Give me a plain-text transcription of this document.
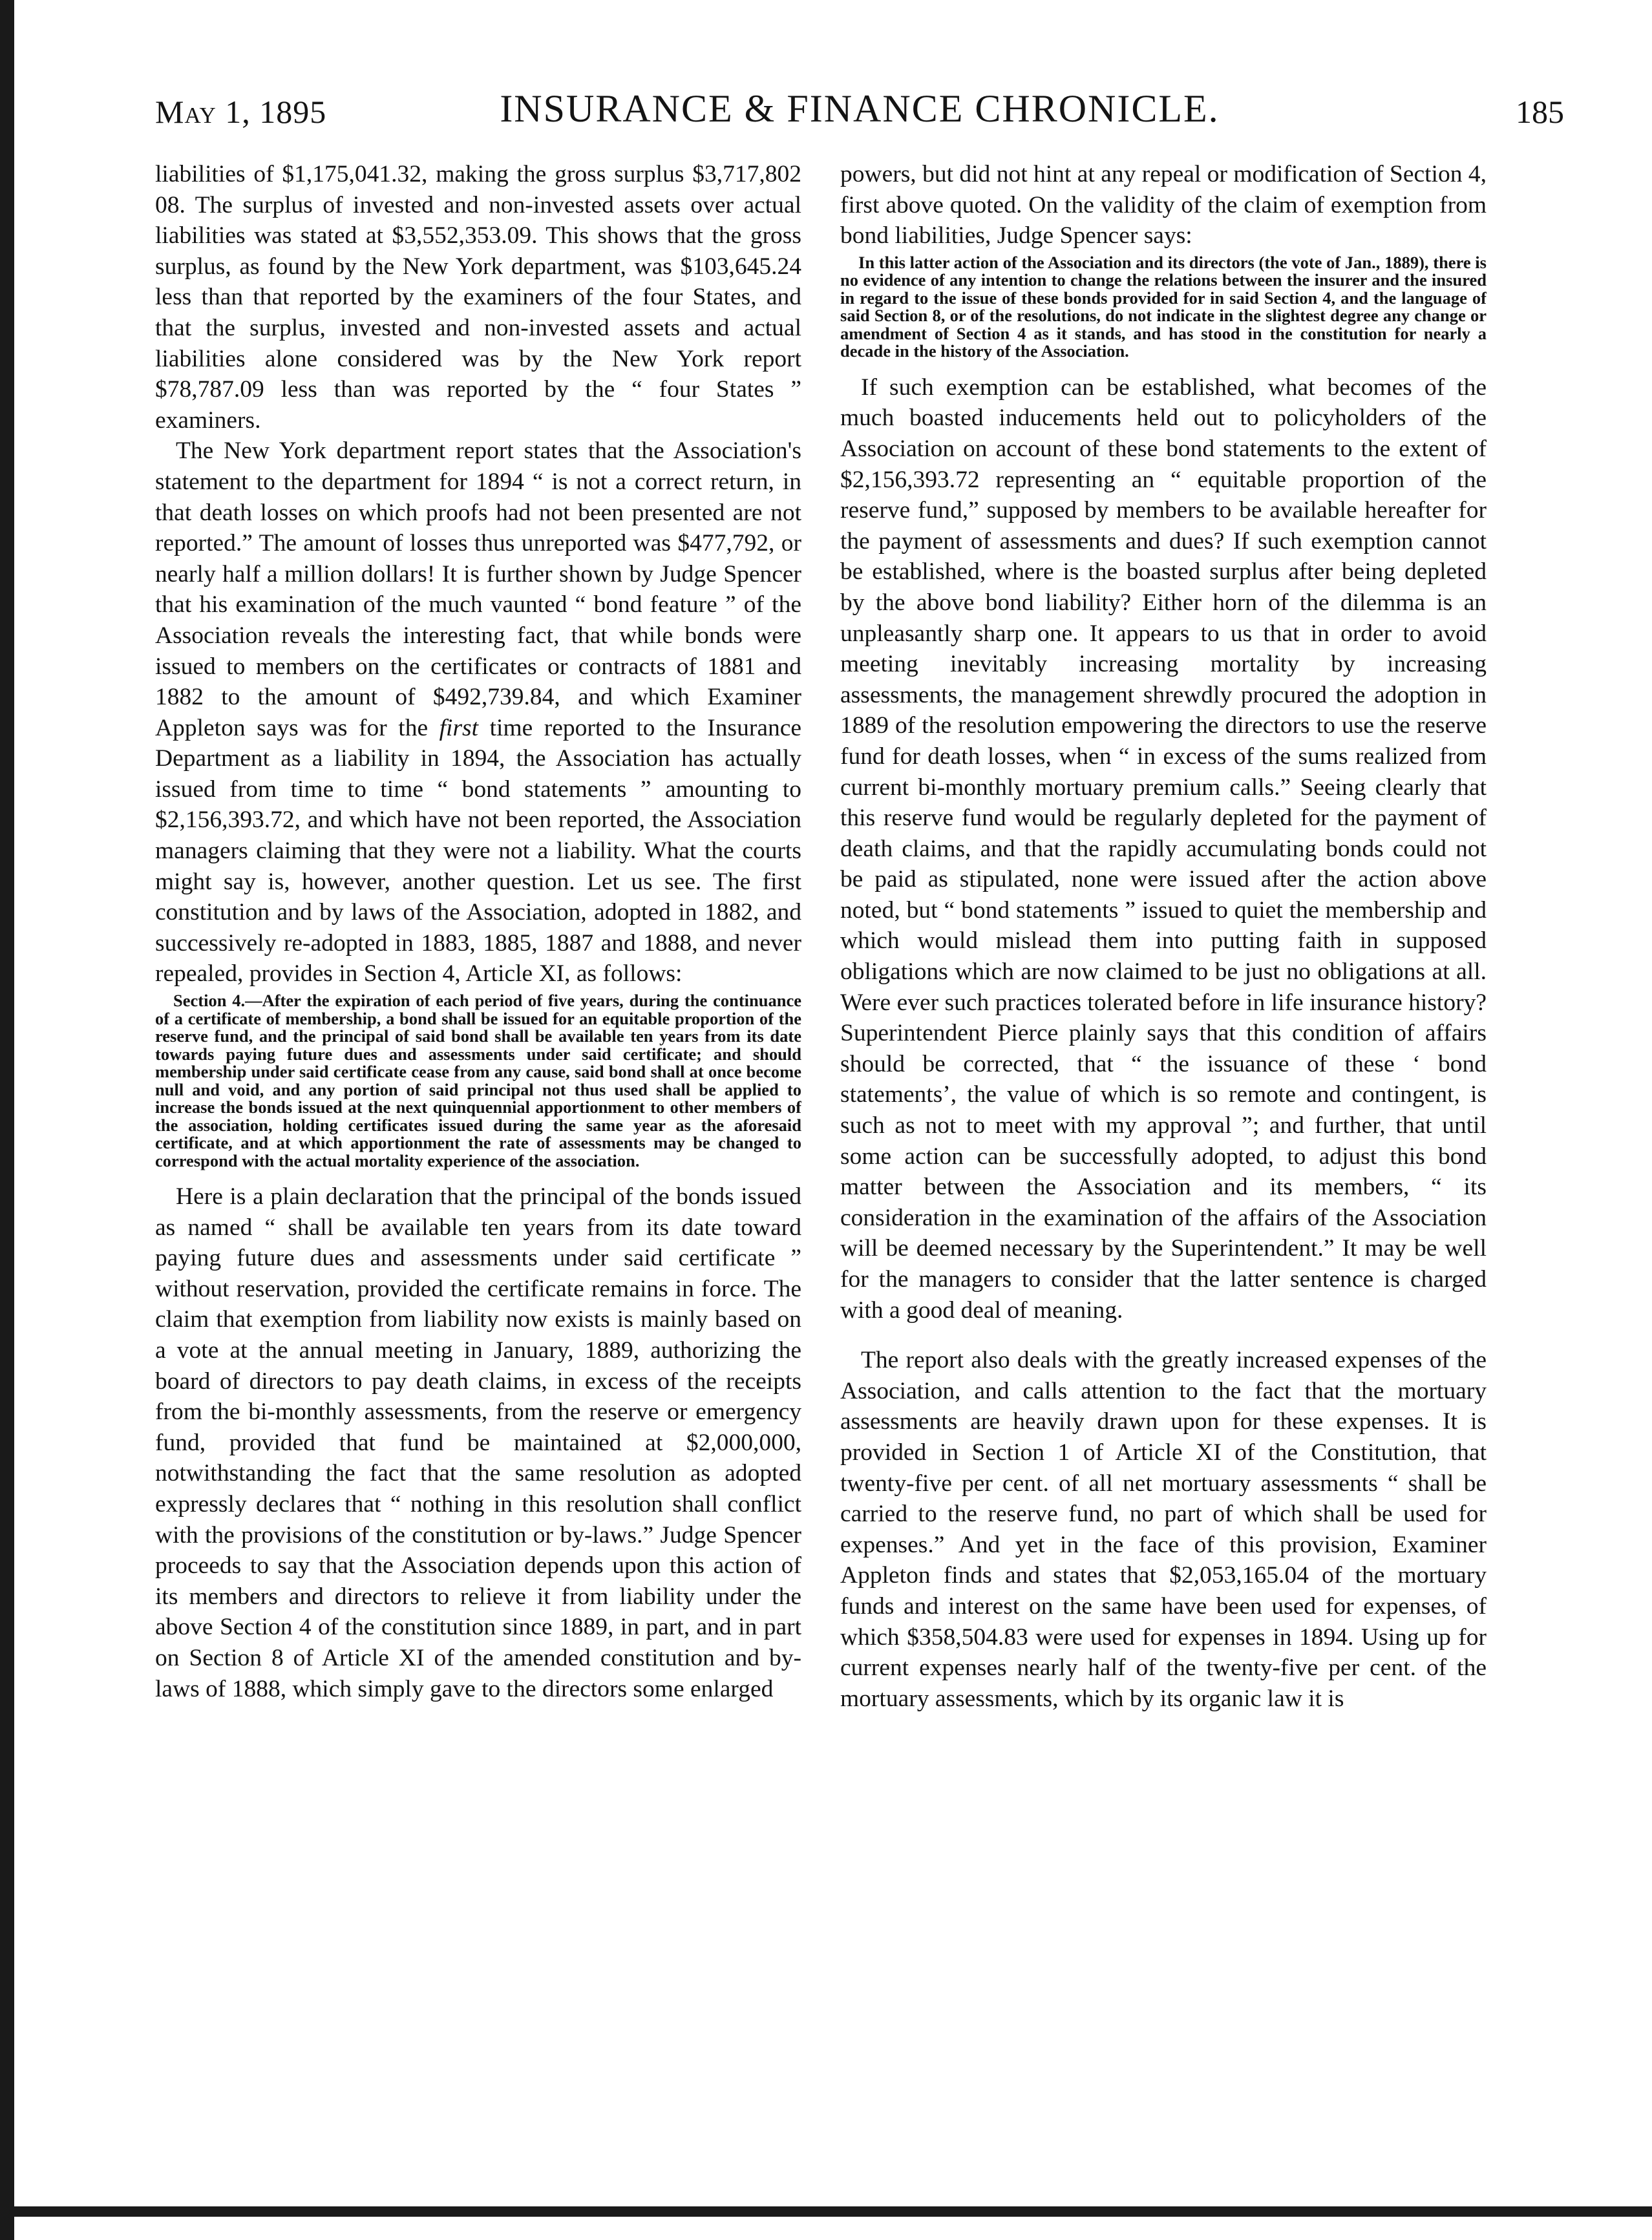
May 1, 1895	INSURANCE & FINANCE CHRONICLE.	185

liabilities of $1,175,041.32, making the gross surplus $3,717,802 08. The surplus of invested and non-invested assets over actual liabilities was stated at $3,552,353.09. This shows that the gross surplus, as found by the New York department, was $103,645.24 less than that reported by the examiners of the four States, and that the surplus, invested and non-invested assets and actual liabilities alone considered was by the New York report $78,787.09 less than was reported by the “ four States ” examiners.

The New York department report states that the Association's statement to the department for 1894 “ is not a correct return, in that death losses on which proofs had not been presented are not reported.” The amount of losses thus unreported was $477,792, or nearly half a million dollars! It is further shown by Judge Spencer that his examination of the much vaunted “ bond feature ” of the Association reveals the interesting fact, that while bonds were issued to members on the certificates or contracts of 1881 and 1882 to the amount of $492,739.84, and which Examiner Appleton says was for the first time reported to the Insurance Department as a liability in 1894, the Association has actually issued from time to time “ bond statements ” amounting to $2,156,393.72, and which have not been reported, the Association managers claiming that they were not a liability. What the courts might say is, however, another question. Let us see. The first constitution and by laws of the Association, adopted in 1882, and successively re-adopted in 1883, 1885, 1887 and 1888, and never repealed, provides in Section 4, Article XI, as follows:

Section 4.—After the expiration of each period of five years, during the continuance of a certificate of membership, a bond shall be issued for an equitable proportion of the reserve fund, and the principal of said bond shall be available ten years from its date towards paying future dues and assessments under said certificate; and should membership under said certificate cease from any cause, said bond shall at once become null and void, and any portion of said principal not thus used shall be applied to increase the bonds issued at the next quinquennial apportionment to other members of the association, holding certificates issued during the same year as the aforesaid certificate, and at which apportionment the rate of assessments may be changed to correspond with the actual mortality experience of the association.

Here is a plain declaration that the principal of the bonds issued as named “ shall be available ten years from its date toward paying future dues and assessments under said certificate ” without reservation, provided the certificate remains in force. The claim that exemption from liability now exists is mainly based on a vote at the annual meeting in January, 1889, authorizing the board of directors to pay death claims, in excess of the receipts from the bi-monthly assessments, from the reserve or emergency fund, provided that fund be maintained at $2,000,000, notwithstanding the fact that the same resolution as adopted expressly declares that “ nothing in this resolution shall conflict with the provisions of the constitution or by-laws.” Judge Spencer proceeds to say that the Association depends upon this action of its members and directors to relieve it from liability under the above Section 4 of the constitution since 1889, in part, and in part on Section 8 of Article XI of the amended constitution and by-laws of 1888, which simply gave to the directors some enlarged

powers, but did not hint at any repeal or modification of Section 4, first above quoted. On the validity of the claim of exemption from bond liabilities, Judge Spencer says:

In this latter action of the Association and its directors (the vote of Jan., 1889), there is no evidence of any intention to change the relations between the insurer and the insured in regard to the issue of these bonds provided for in said Section 4, and the language of said Section 8, or of the resolutions, do not indicate in the slightest degree any change or amendment of Section 4 as it stands, and has stood in the constitution for nearly a decade in the history of the Association.

If such exemption can be established, what becomes of the much boasted inducements held out to policyholders of the Association on account of these bond statements to the extent of $2,156,393.72 representing an “ equitable proportion of the reserve fund,” supposed by members to be available hereafter for the payment of assessments and dues? If such exemption cannot be established, where is the boasted surplus after being depleted by the above bond liability? Either horn of the dilemma is an unpleasantly sharp one. It appears to us that in order to avoid meeting inevitably increasing mortality by increasing assessments, the management shrewdly procured the adoption in 1889 of the resolution empowering the directors to use the reserve fund for death losses, when “ in excess of the sums realized from current bi-monthly mortuary premium calls.” Seeing clearly that this reserve fund would be regularly depleted for the payment of death claims, and that the rapidly accumulating bonds could not be paid as stipulated, none were issued after the action above noted, but “ bond statements ” issued to quiet the membership and which would mislead them into putting faith in supposed obligations which are now claimed to be just no obligations at all. Were ever such practices tolerated before in life insurance history? Superintendent Pierce plainly says that this condition of affairs should be corrected, that “ the issuance of these ‘ bond statements’, the value of which is so remote and contingent, is such as not to meet with my approval ”; and further, that until some action can be successfully adopted, to adjust this bond matter between the Association and its members, “ its consideration in the examination of the affairs of the Association will be deemed necessary by the Superintendent.” It may be well for the managers to consider that the latter sentence is charged with a good deal of meaning.

The report also deals with the greatly increased expenses of the Association, and calls attention to the fact that the mortuary assessments are heavily drawn upon for these expenses. It is provided in Section 1 of Article XI of the Constitution, that twenty-five per cent. of all net mortuary assessments “ shall be carried to the reserve fund, no part of which shall be used for expenses.” And yet in the face of this provision, Examiner Appleton finds and states that $2,053,165.04 of the mortuary funds and interest on the same have been used for expenses, of which $358,504.83 were used for expenses in 1894. Using up for current expenses nearly half of the twenty-five per cent. of the mortuary assessments, which by its organic law it is
